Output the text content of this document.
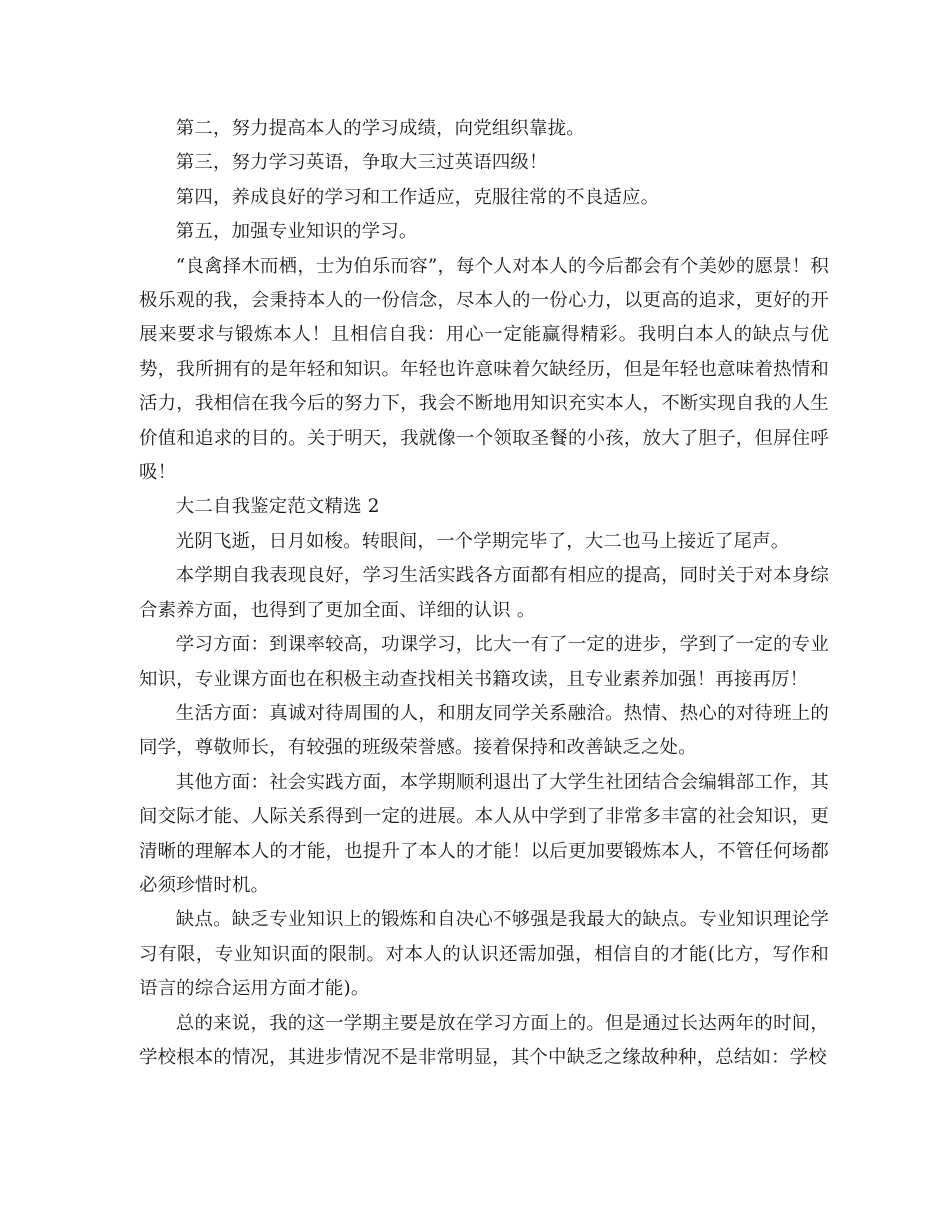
第二，努力提高本人的学习成绩，向党组织靠拢。

第三，努力学习英语，争取大三过英语四级！

第四，养成良好的学习和工作适应，克服往常的不良适应。

第五，加强专业知识的学习。

“良禽择木而栖，士为伯乐而容”，每个人对本人的今后都会有个美妙的愿景！积极乐观的我，会秉持本人的一份信念，尽本人的一份心力，以更高的追求，更好的开展来要求与锻炼本人！且相信自我：用心一定能赢得精彩。我明白本人的缺点与优势，我所拥有的是年轻和知识。年轻也许意味着欠缺经历，但是年轻也意味着热情和活力，我相信在我今后的努力下，我会不断地用知识充实本人，不断实现自我的人生价值和追求的目的。关于明天，我就像一个领取圣餐的小孩，放大了胆子，但屏住呼吸！

大二自我鉴定范文精选 2

光阴飞逝，日月如梭。转眼间，一个学期完毕了，大二也马上接近了尾声。

本学期自我表现良好，学习生活实践各方面都有相应的提高，同时关于对本身综合素养方面，也得到了更加全面、详细的认识 。

学习方面：到课率较高，功课学习，比大一有了一定的进步，学到了一定的专业知识，专业课方面也在积极主动查找相关书籍攻读，且专业素养加强！再接再厉！

生活方面：真诚对待周围的人，和朋友同学关系融洽。热情、热心的对待班上的同学，尊敬师长，有较强的班级荣誉感。接着保持和改善缺乏之处。

其他方面：社会实践方面，本学期顺利退出了大学生社团结合会编辑部工作，其间交际才能、人际关系得到一定的进展。本人从中学到了非常多丰富的社会知识，更清晰的理解本人的才能，也提升了本人的才能！以后更加要锻炼本人，不管任何场都必须珍惜时机。

缺点。缺乏专业知识上的锻炼和自决心不够强是我最大的缺点。专业知识理论学习有限，专业知识面的限制。对本人的认识还需加强，相信自的才能(比方，写作和语言的综合运用方面才能)。

总的来说，我的这一学期主要是放在学习方面上的。但是通过长达两年的时间，学校根本的情况，其进步情况不是非常明显，其个中缺乏之缘故种种，总结如：学校
